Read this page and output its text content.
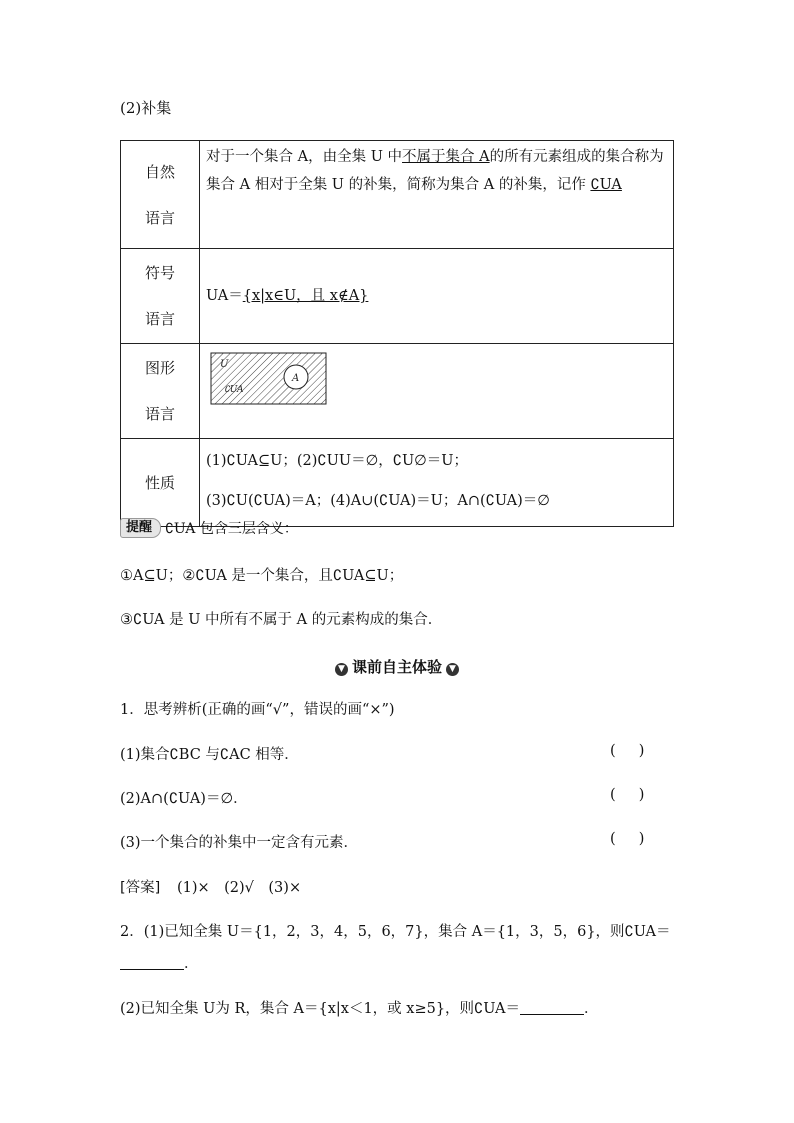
(2)补集
自然
语言	对于一个集合 A，由全集 U 中不属于集合 A的所有元素组成的集合称为集合 A 相对于全集 U 的补集，简称为集合 A 的补集，记作 ∁UA

符号
语言	UA＝{x|x∈U，且 x∉A}

图形
语言	U
∁UA
A

性质	(1)∁UA⊆U；(2)∁UU＝∅，∁U∅＝U；
(3)∁U(∁UA)＝A；(4)A∪(∁UA)＝U；A∩(∁UA)＝∅
提醒 ∁UA 包含三层含义：
①A⊆U；②∁UA 是一个集合，且∁UA⊆U；
③∁UA 是 U 中所有不属于 A 的元素构成的集合．
▼ 课前自主体验 ▼
1．思考辨析(正确的画“√”，错误的画“×”)
(1)集合∁BC 与∁AC 相等．	(     )
(2)A∩(∁UA)＝∅．	(     )
(3)一个集合的补集中一定含有元素．	(     )
[答案] (1)×　(2)√　(3)×
2．(1)已知全集 U＝{1，2，3，4，5，6，7}，集合 A＝{1，3，5，6}，则∁UA＝
．
(2)已知全集 U为 R，集合 A＝{x|x＜1，或 x≥5}，则∁UA＝	．
